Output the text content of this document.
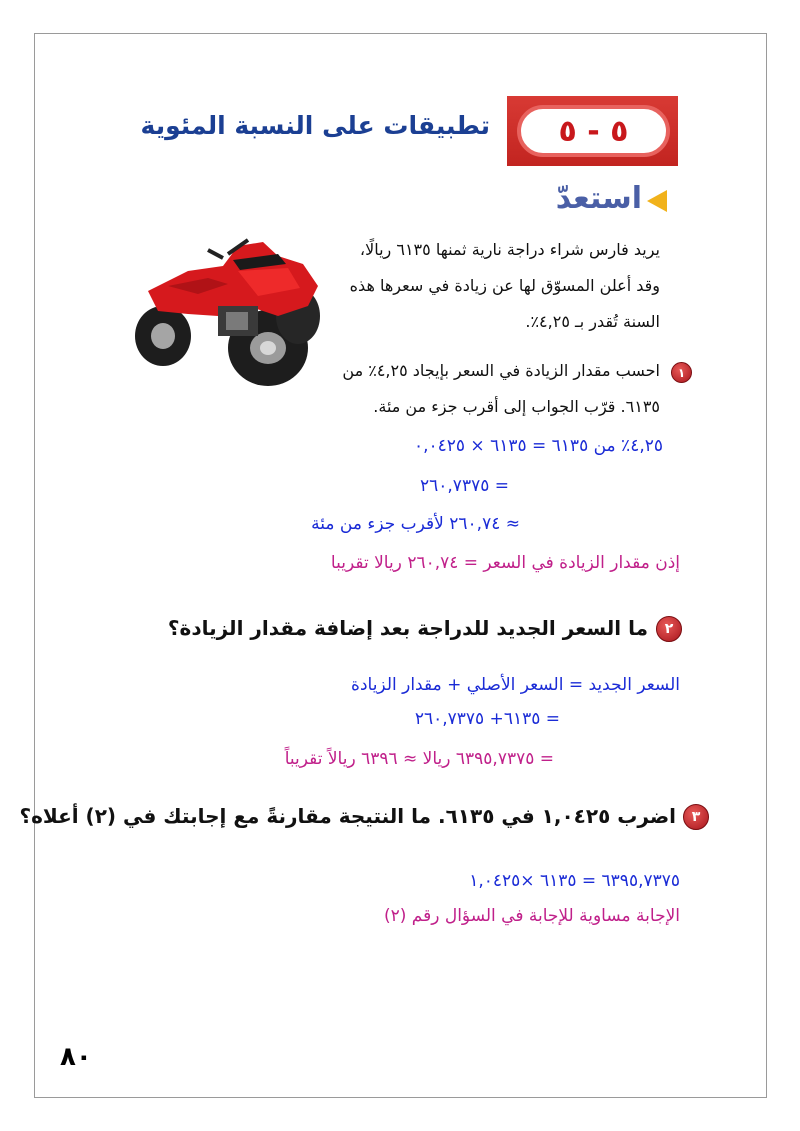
٥ - ٥
تطبيقات على النسبة المئوية
استعدّ
يريد فارس شراء دراجة نارية ثمنها ٦١٣٥ ريالًا،
وقد أعلن المسوّق لها عن زيادة في سعرها هذه
السنة تُقدر بـ ٤,٢٥٪.
١
احسب مقدار الزيادة في السعر بإيجاد ٤,٢٥٪ من
٦١٣٥. قرّب الجواب إلى أقرب جزء من مئة.
٤,٢٥٪ من ٦١٣٥ = ٦١٣٥ × ٠,٠٤٢٥
= ٢٦٠,٧٣٧٥
≈ ٢٦٠,٧٤ لأقرب جزء من مئة
إذن مقدار الزيادة في السعر = ٢٦٠,٧٤ ريالا تقريبا
٢
ما السعر الجديد للدراجة بعد إضافة مقدار الزيادة؟
السعر الجديد = السعر الأصلي + مقدار الزيادة
= ٦١٣٥+ ٢٦٠,٧٣٧٥
= ٦٣٩٥,٧٣٧٥ ريالا ≈ ٦٣٩٦ ريالاً تقريباً
٣
اضرب ١,٠٤٢٥ في ٦١٣٥. ما النتيجة مقارنةً مع إجابتك في (٢) أعلاه؟
٦٣٩٥,٧٣٧٥ = ٦١٣٥ ×١,٠٤٢٥
الإجابة مساوية للإجابة في السؤال رقم (٢)
٨٠
